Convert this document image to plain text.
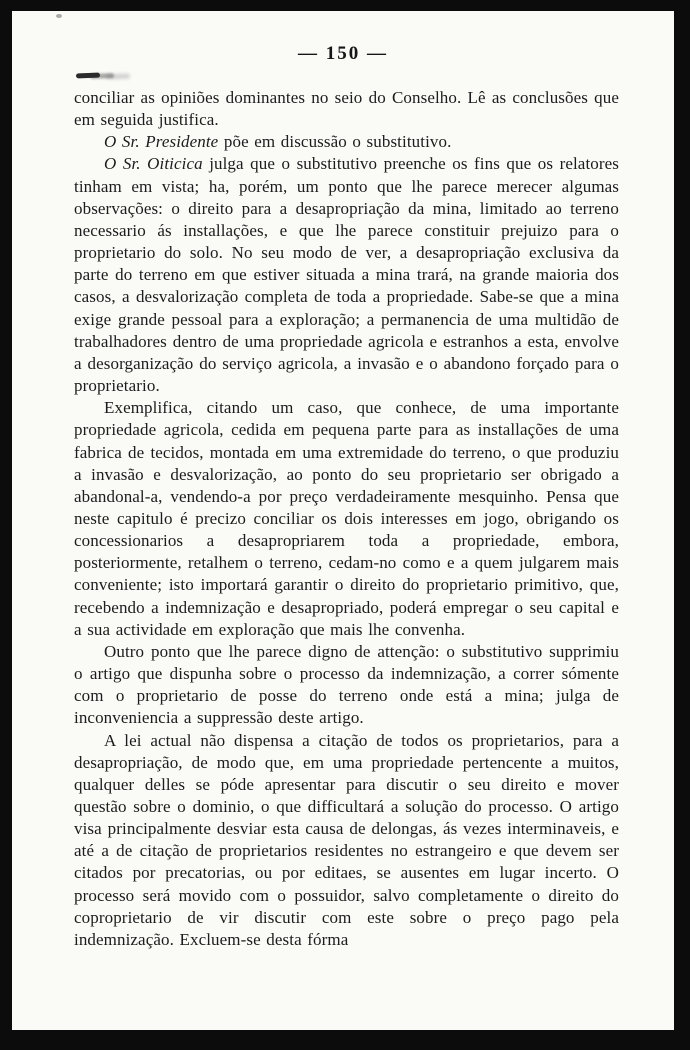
— 150 —

conciliar as opiniões dominantes no seio do Conselho. Lê as conclusões que em seguida justifica.

O Sr. Presidente põe em discussão o substitutivo.

O Sr. Oiticica julga que o substitutivo preenche os fins que os relatores tinham em vista; ha, porém, um ponto que lhe parece merecer algumas observações: o direito para a desapropriação da mina, limitado ao terreno necessario ás installações, e que lhe parece constituir prejuizo para o proprietario do solo. No seu modo de ver, a desapropriação exclusiva da parte do terreno em que estiver situada a mina trará, na grande maioria dos casos, a desvalorização completa de toda a propriedade. Sabe-se que a mina exige grande pessoal para a exploração; a permanencia de uma multidão de trabalhadores dentro de uma propriedade agricola e estranhos a esta, envolve a desorganização do serviço agricola, a invasão e o abandono forçado para o proprietario.

Exemplifica, citando um caso, que conhece, de uma importante propriedade agricola, cedida em pequena parte para as installações de uma fabrica de tecidos, montada em uma extremidade do terreno, o que produziu a invasão e desvalorização, ao ponto do seu proprietario ser obrigado a abandonal-a, vendendo-a por preço verdadeiramente mesquinho. Pensa que neste capitulo é precizo conciliar os dois interesses em jogo, obrigando os concessionarios a desapropriarem toda a propriedade, embora, posteriormente, retalhem o terreno, cedam-no como e a quem julgarem mais conveniente; isto importará garantir o direito do proprietario primitivo, que, recebendo a indemnização e desapropriado, poderá empregar o seu capital e a sua actividade em exploração que mais lhe convenha.

Outro ponto que lhe parece digno de attenção: o substitutivo supprimiu o artigo que dispunha sobre o processo da indemnização, a correr sómente com o proprietario de posse do terreno onde está a mina; julga de inconveniencia a suppressão deste artigo.

A lei actual não dispensa a citação de todos os proprietarios, para a desapropriação, de modo que, em uma propriedade pertencente a muitos, qualquer delles se póde apresentar para discutir o seu direito e mover questão sobre o dominio, o que difficultará a solução do processo. O artigo visa principalmente desviar esta causa de delongas, ás vezes interminaveis, e até a de citação de proprietarios residentes no estrangeiro e que devem ser citados por precatorias, ou por editaes, se ausentes em lugar incerto. O processo será movido com o possuidor, salvo completamente o direito do coproprietario de vir discutir com este sobre o preço pago pela indemnização. Excluem-se desta fórma
